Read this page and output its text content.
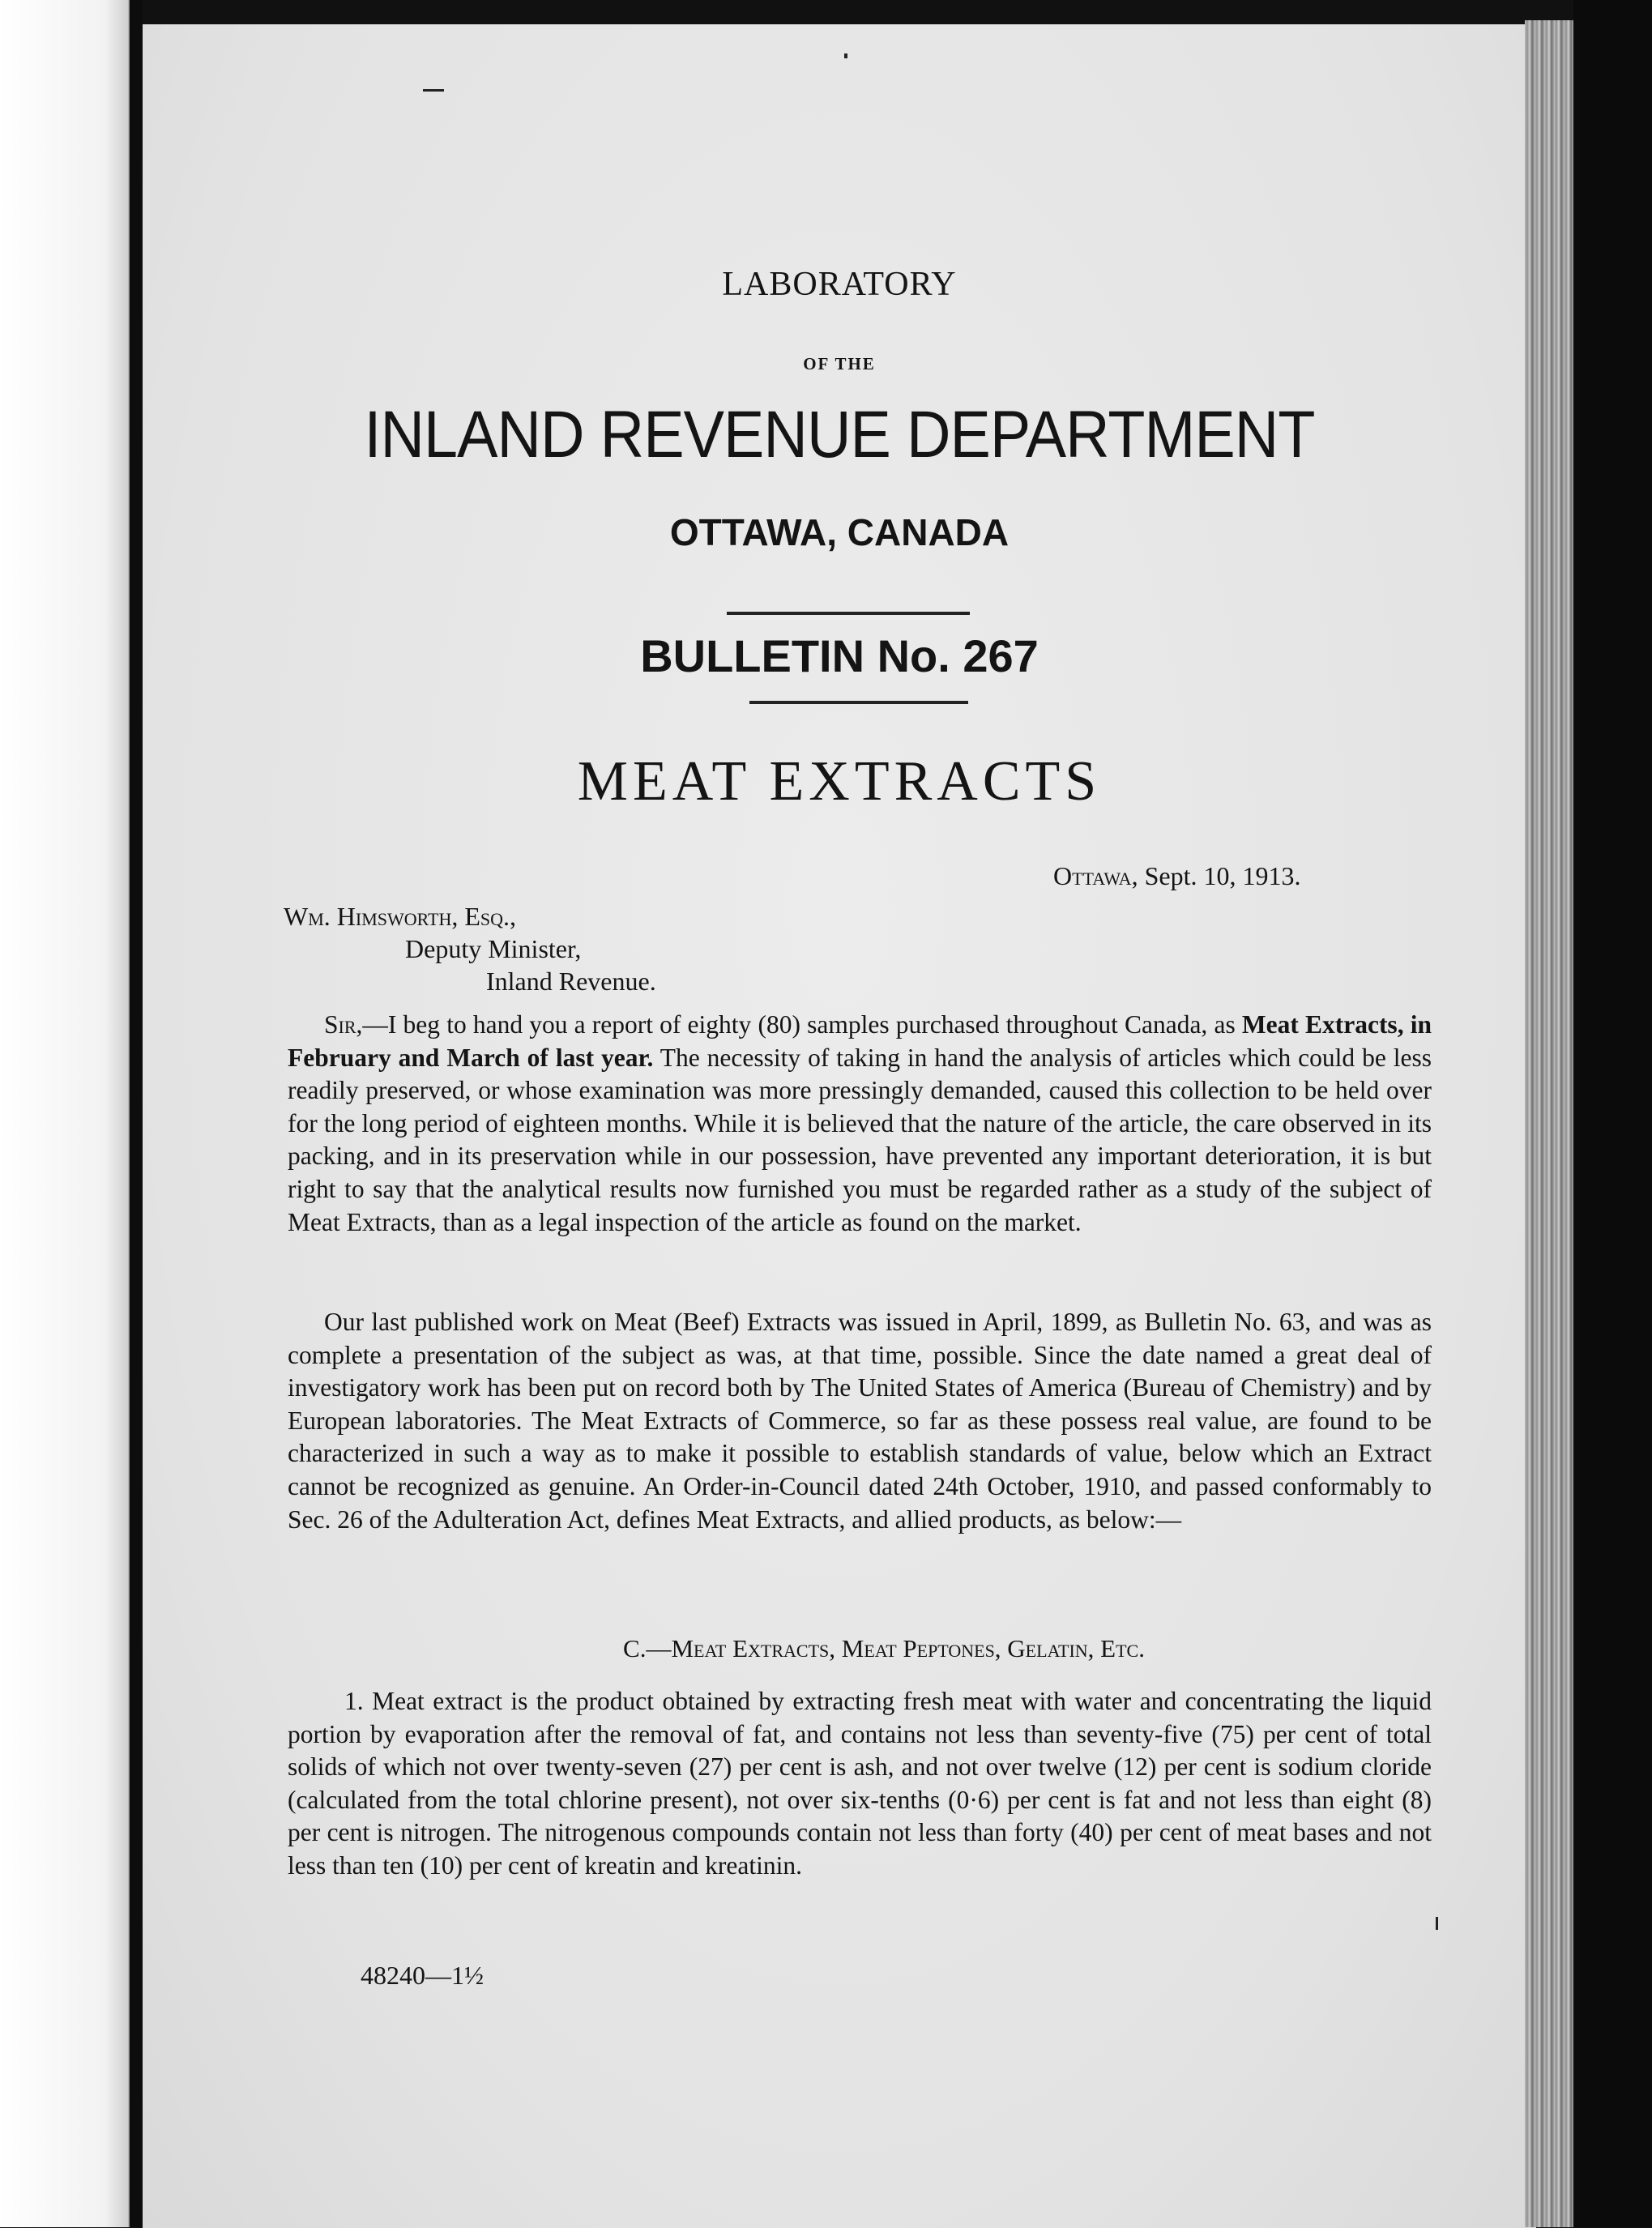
LABORATORY
OF THE
INLAND REVENUE DEPARTMENT
OTTAWA, CANADA
BULLETIN No. 267
MEAT EXTRACTS
Ottawa, Sept. 10, 1913.
Wm. Himsworth, Esq.,
Deputy Minister,
Inland Revenue.
Sir,—I beg to hand you a report of eighty (80) samples purchased throughout Canada, as Meat Extracts, in February and March of last year. The necessity of taking in hand the analysis of articles which could be less readily preserved, or whose examination was more pressingly demanded, caused this collection to be held over for the long period of eighteen months. While it is believed that the nature of the article, the care observed in its packing, and in its preservation while in our possession, have prevented any important deterioration, it is but right to say that the analytical results now furnished you must be regarded rather as a study of the subject of Meat Extracts, than as a legal inspection of the article as found on the market.
Our last published work on Meat (Beef) Extracts was issued in April, 1899, as Bulletin No. 63, and was as complete a presentation of the subject as was, at that time, possible. Since the date named a great deal of investigatory work has been put on record both by The United States of America (Bureau of Chemistry) and by European laboratories. The Meat Extracts of Commerce, so far as these possess real value, are found to be characterized in such a way as to make it possible to establish standards of value, below which an Extract cannot be recognized as genuine. An Order-in-Council dated 24th October, 1910, and passed conformably to Sec. 26 of the Adulteration Act, defines Meat Extracts, and allied products, as below:—
C.—Meat Extracts, Meat Peptones, Gelatin, Etc.
1. Meat extract is the product obtained by extracting fresh meat with water and concentrating the liquid portion by evaporation after the removal of fat, and contains not less than seventy-five (75) per cent of total solids of which not over twenty-seven (27) per cent is ash, and not over twelve (12) per cent is sodium cloride (calculated from the total chlorine present), not over six-tenths (0·6) per cent is fat and not less than eight (8) per cent is nitrogen. The nitrogenous compounds contain not less than forty (40) per cent of meat bases and not less than ten (10) per cent of kreatin and kreatinin.
48240—1½
